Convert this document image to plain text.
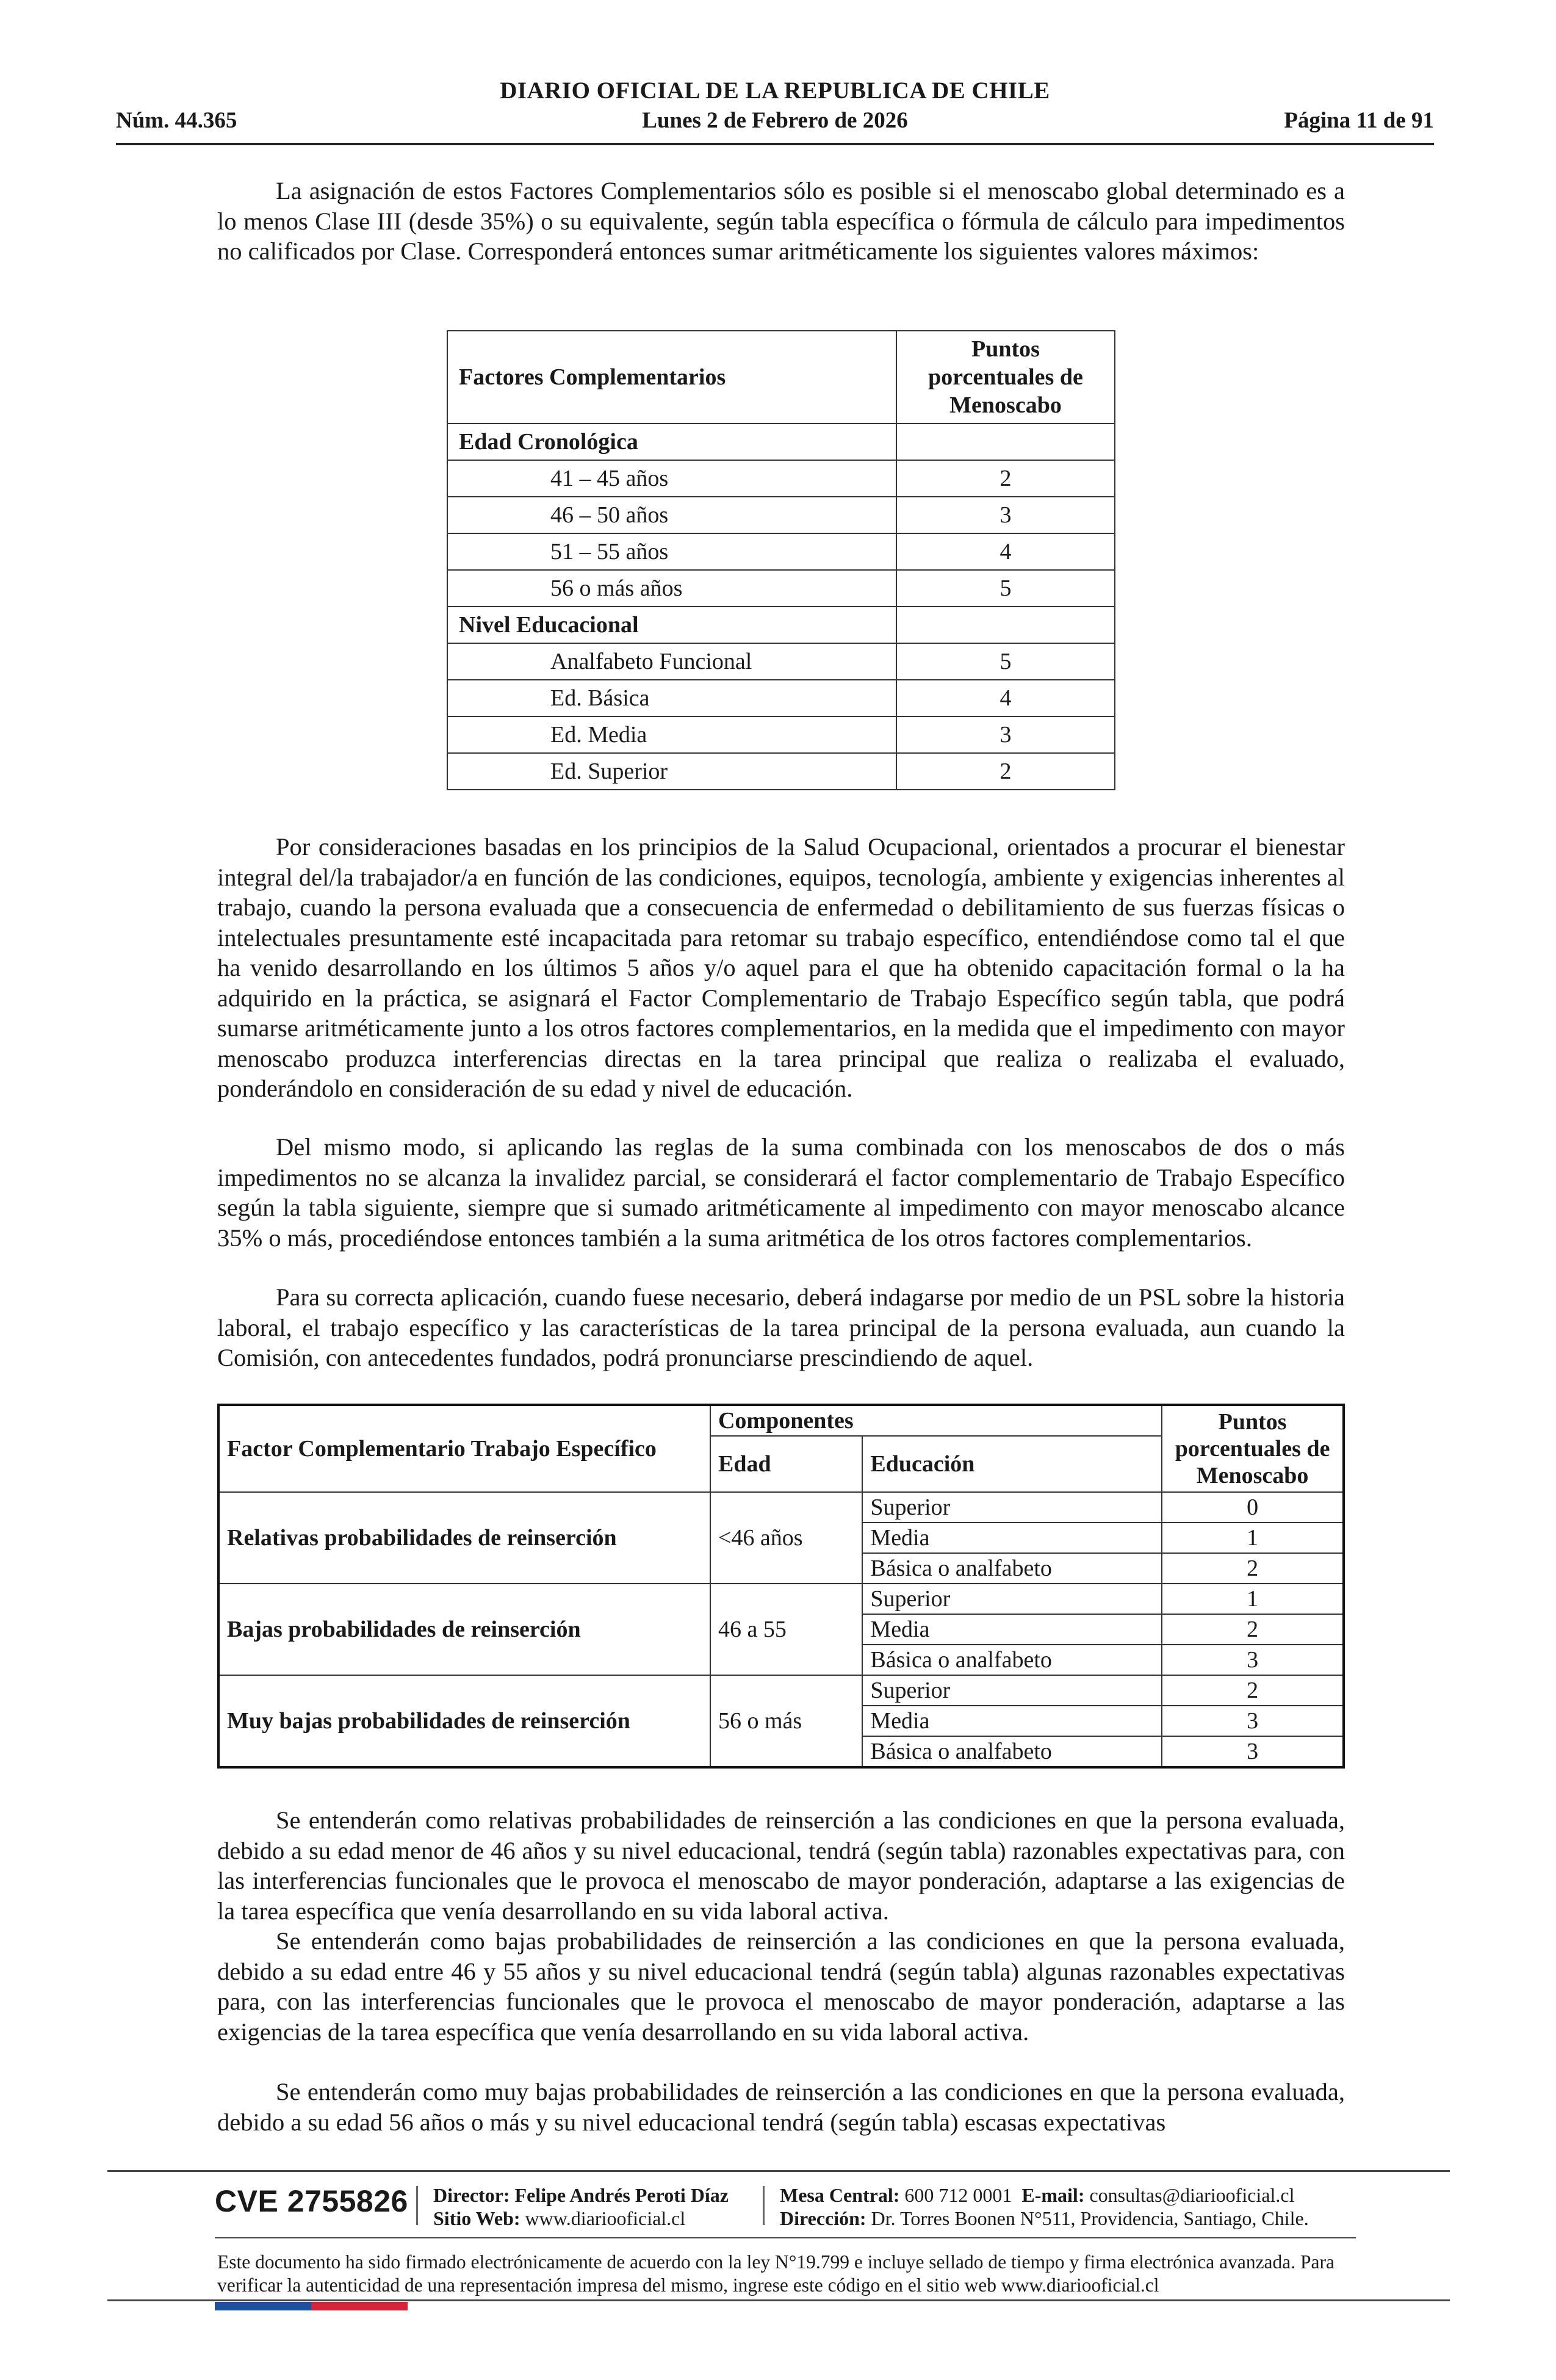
DIARIO OFICIAL DE LA REPUBLICA DE CHILE
Núm. 44.365	Lunes 2 de Febrero de 2026	Página 11 de 91

La asignación de estos Factores Complementarios sólo es posible si el menoscabo global determinado es a lo menos Clase III (desde 35%) o su equivalente, según tabla específica o fórmula de cálculo para impedimentos no calificados por Clase. Corresponderá entonces sumar aritméticamente los siguientes valores máximos:

Factores Complementarios	Puntos porcentuales de Menoscabo
Edad Cronológica	
41 – 45 años	2
46 – 50 años	3
51 – 55 años	4
56 o más años	5
Nivel Educacional	
Analfabeto Funcional	5
Ed. Básica	4
Ed. Media	3
Ed. Superior	2

Por consideraciones basadas en los principios de la Salud Ocupacional, orientados a procurar el bienestar integral del/la trabajador/a en función de las condiciones, equipos, tecnología, ambiente y exigencias inherentes al trabajo, cuando la persona evaluada que a consecuencia de enfermedad o debilitamiento de sus fuerzas físicas o intelectuales presuntamente esté incapacitada para retomar su trabajo específico, entendiéndose como tal el que ha venido desarrollando en los últimos 5 años y/o aquel para el que ha obtenido capacitación formal o la ha adquirido en la práctica, se asignará el Factor Complementario de Trabajo Específico según tabla, que podrá sumarse aritméticamente junto a los otros factores complementarios, en la medida que el impedimento con mayor menoscabo produzca interferencias directas en la tarea principal que realiza o realizaba el evaluado, ponderándolo en consideración de su edad y nivel de educación.

Del mismo modo, si aplicando las reglas de la suma combinada con los menoscabos de dos o más impedimentos no se alcanza la invalidez parcial, se considerará el factor complementario de Trabajo Específico según la tabla siguiente, siempre que si sumado aritméticamente al impedimento con mayor menoscabo alcance 35% o más, procediéndose entonces también a la suma aritmética de los otros factores complementarios.

Para su correcta aplicación, cuando fuese necesario, deberá indagarse por medio de un PSL sobre la historia laboral, el trabajo específico y las características de la tarea principal de la persona evaluada, aun cuando la Comisión, con antecedentes fundados, podrá pronunciarse prescindiendo de aquel.

Factor Complementario Trabajo Específico	Componentes		Puntos porcentuales de Menoscabo
	Edad	Educación	
Relativas probabilidades de reinserción	<46 años	Superior	0
		Media	1
		Básica o analfabeto	2
Bajas probabilidades de reinserción	46 a 55	Superior	1
		Media	2
		Básica o analfabeto	3
Muy bajas probabilidades de reinserción	56 o más	Superior	2
		Media	3
		Básica o analfabeto	3

Se entenderán como relativas probabilidades de reinserción a las condiciones en que la persona evaluada, debido a su edad menor de 46 años y su nivel educacional, tendrá (según tabla) razonables expectativas para, con las interferencias funcionales que le provoca el menoscabo de mayor ponderación, adaptarse a las exigencias de la tarea específica que venía desarrollando en su vida laboral activa.

Se entenderán como bajas probabilidades de reinserción a las condiciones en que la persona evaluada, debido a su edad entre 46 y 55 años y su nivel educacional tendrá (según tabla) algunas razonables expectativas para, con las interferencias funcionales que le provoca el menoscabo de mayor ponderación, adaptarse a las exigencias de la tarea específica que venía desarrollando en su vida laboral activa.

Se entenderán como muy bajas probabilidades de reinserción a las condiciones en que la persona evaluada, debido a su edad 56 años o más y su nivel educacional tendrá (según tabla) escasas expectativas

CVE 2755826 Director: Felipe Andrés Peroti Díaz
Sitio Web: www.diariooficial.cl
Mesa Central: 600 712 0001 E-mail: consultas@diariooficial.cl
Dirección: Dr. Torres Boonen N°511, Providencia, Santiago, Chile.
Este documento ha sido firmado electrónicamente de acuerdo con la ley N°19.799 e incluye sellado de tiempo y firma electrónica avanzada. Para verificar la autenticidad de una representación impresa del mismo, ingrese este código en el sitio web www.diariooficial.cl
